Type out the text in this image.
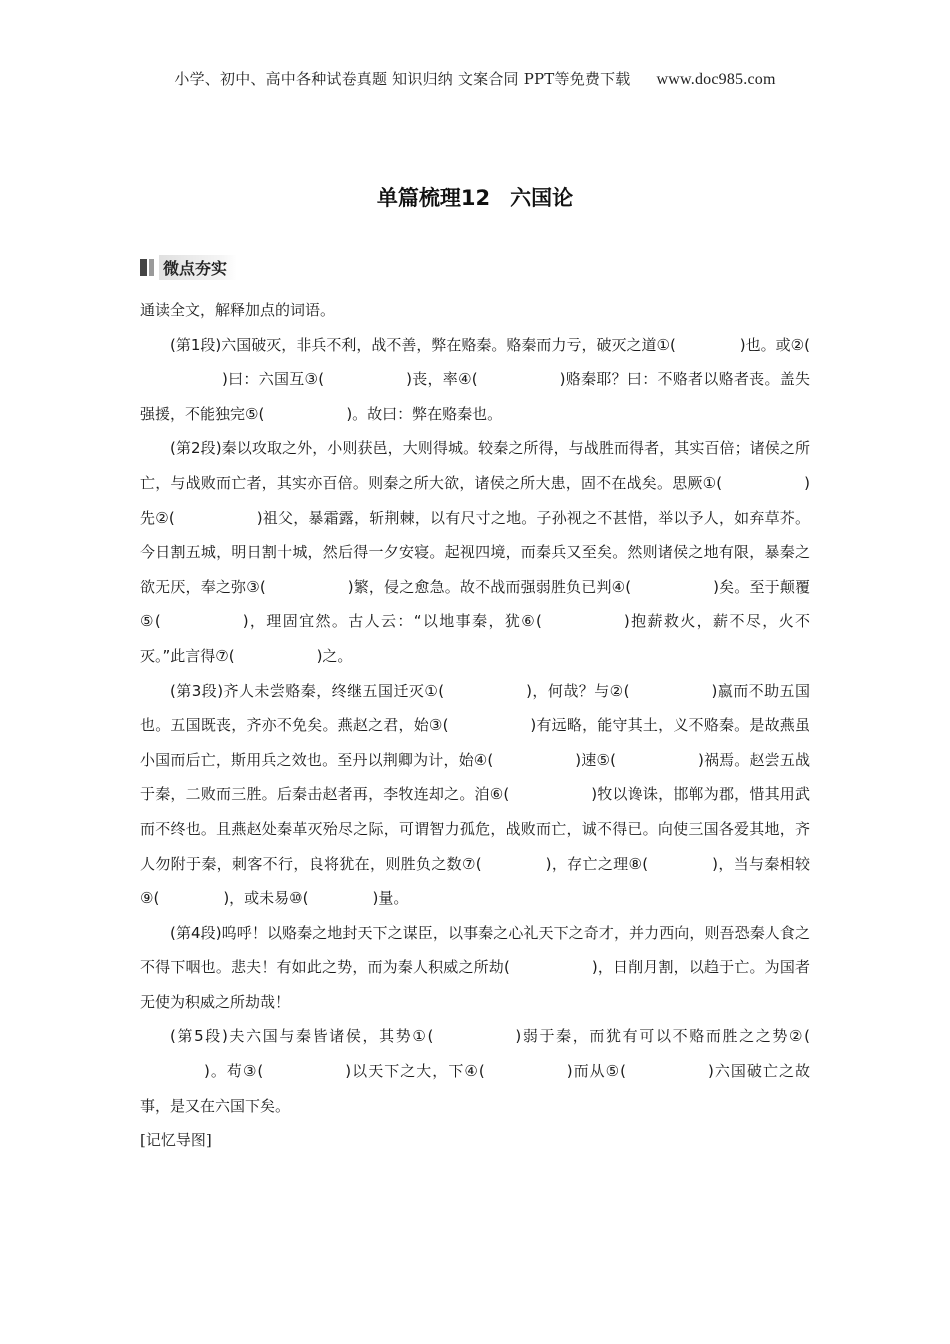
小学、初中、高中各种试卷真题 知识归纳 文案合同 PPT等免费下载 www.doc985.com
单篇梳理12 六国论
微点夯实

通读全文，解释加点的词语。

(第1段)六国破灭，非兵不利，战不善，弊在赂秦。赂秦而力亏，破灭之道①(	)也。或②()曰：六国互③(	)丧，率④(	)赂秦耶？曰：不赂者以赂者丧。盖失强援，不能独完⑤(	)。故曰：弊在赂秦也。

(第2段)秦以攻取之外，小则获邑，大则得城。较秦之所得，与战胜而得者，其实百倍；诸侯之所亡，与战败而亡者，其实亦百倍。则秦之所大欲，诸侯之所大患，固不在战矣。思厥①(	)先②(	)祖父，暴霜露，斩荆棘，以有尺寸之地。子孙视之不甚惜，举以予人，如弃草芥。今日割五城，明日割十城，然后得一夕安寝。起视四境，而秦兵又至矣。然则诸侯之地有限，暴秦之欲无厌，奉之弥③(	)繁，侵之愈急。故不战而强弱胜负已判④(	)矣。至于颠覆⑤(	)，理固宜然。古人云：“以地事秦，犹⑥(	)抱薪救火，薪不尽，火不灭。”此言得⑦(	)之。

(第3段)齐人未尝赂秦，终继五国迁灭①(	)，何哉？与②(	)嬴而不助五国也。五国既丧，齐亦不免矣。燕赵之君，始③(	)有远略，能守其土，义不赂秦。是故燕虽小国而后亡，斯用兵之效也。至丹以荆卿为计，始④(	)速⑤(	)祸焉。赵尝五战于秦，二败而三胜。后秦击赵者再，李牧连却之。洎⑥(	)牧以谗诛，邯郸为郡，惜其用武而不终也。且燕赵处秦革灭殆尽之际，可谓智力孤危，战败而亡，诚不得已。向使三国各爱其地，齐人勿附于秦，刺客不行，良将犹在，则胜负之数⑦(	)，存亡之理⑧(	)，当与秦相较⑨(	)，或未易⑩(	)量。

(第4段)呜呼！以赂秦之地封天下之谋臣，以事秦之心礼天下之奇才，并力西向，则吾恐秦人食之不得下咽也。悲夫！有如此之势，而为秦人积威之所劫(	)，日削月割，以趋于亡。为国者无使为积威之所劫哉！

(第5段)夫六国与秦皆诸侯，其势①(	)弱于秦，而犹有可以不赂而胜之之势②()。苟③(	)以天下之大，下④(	)而从⑤(	)六国破亡之故事，是又在六国下矣。

[记忆导图]
